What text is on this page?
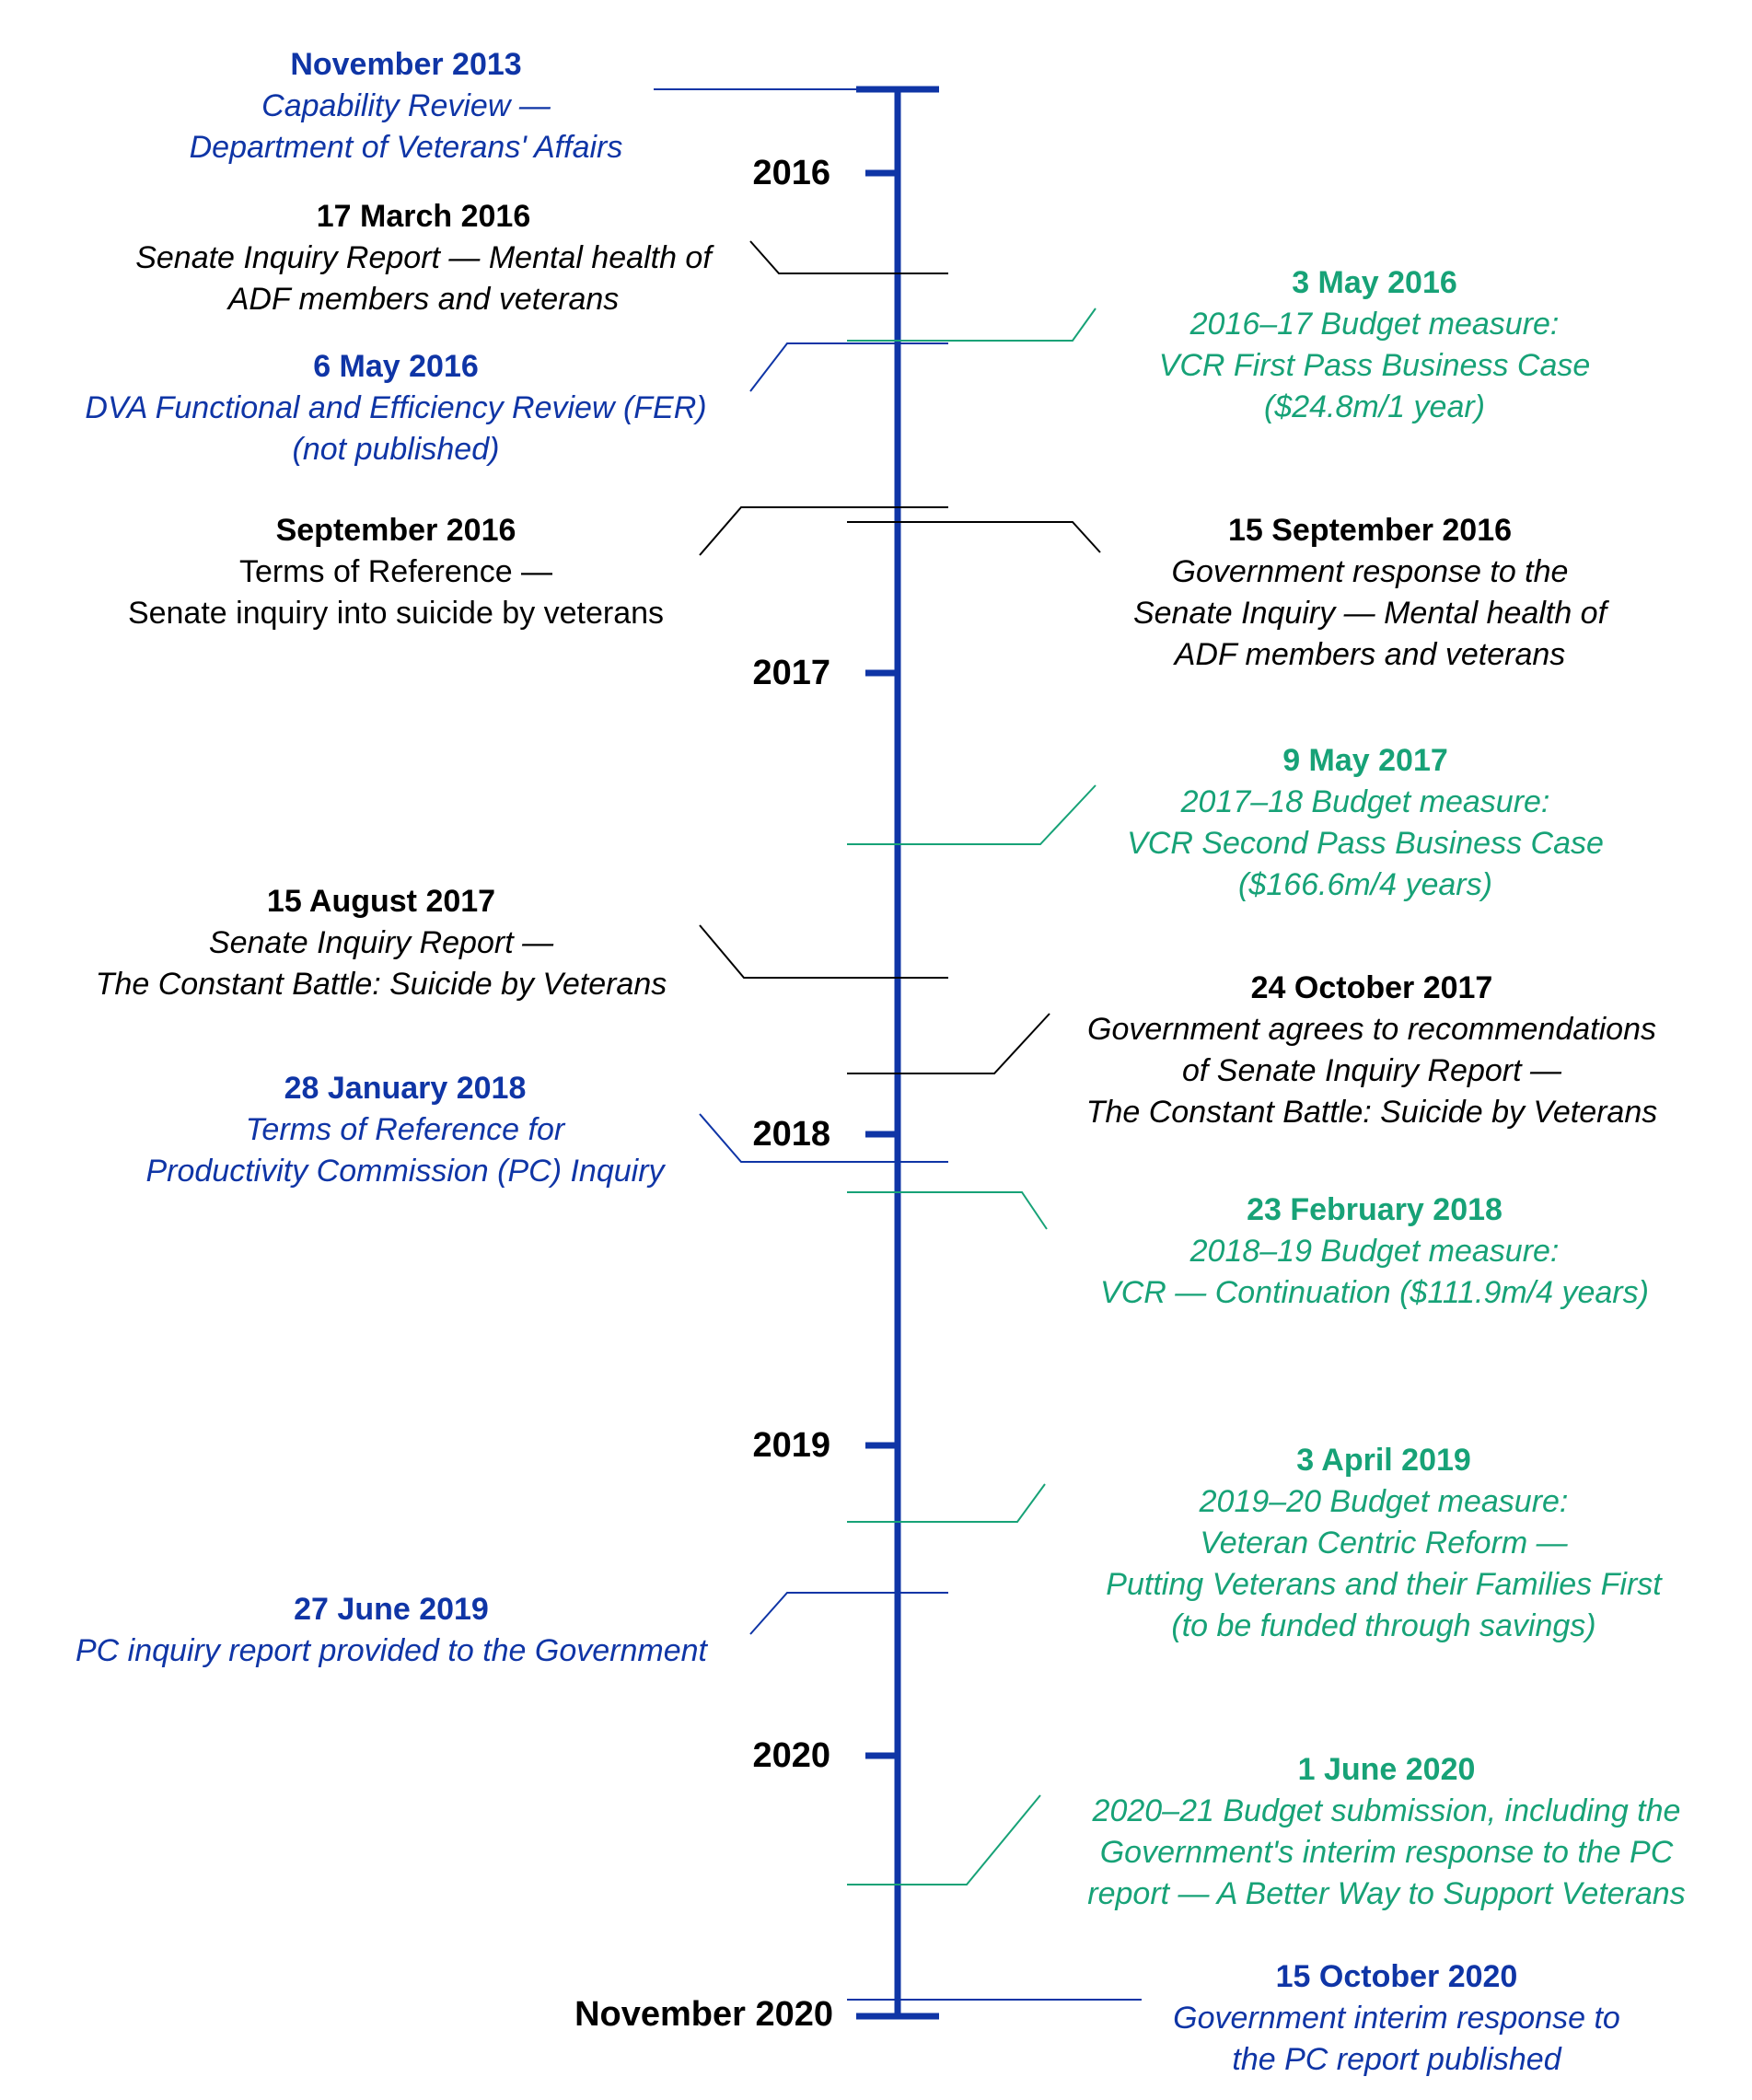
2016
2017
2018
2019
2020
November 2020
November 2013
Capability Review —
Department of Veterans' Affairs
17 March 2016
Senate Inquiry Report — Mental health of
ADF members and veterans	3 May 2016
2016–17 Budget measure:
VCR First Pass Business Case
($24.8m/1 year)
6 May 2016
DVA Functional and Efficiency Review (FER)
(not published)
September 2016
Terms of Reference —
Senate inquiry into suicide by veterans
15 September 2016
Government response to the
Senate Inquiry — Mental health of
ADF members and veterans
9 May 2017
2017–18 Budget measure:
VCR Second Pass Business Case
($166.6m/4 years)
15 August 2017
Senate Inquiry Report —
The Constant Battle: Suicide by Veterans	24 October 2017
Government agrees to recommendations
of Senate Inquiry Report —
The Constant Battle: Suicide by Veterans
28 January 2018
Terms of Reference for
Productivity Commission (PC) Inquiry
23 February 2018
2018–19 Budget measure:
VCR — Continuation ($111.9m/4 years)
3 April 2019
2019–20 Budget measure:
Veteran Centric Reform —
Putting Veterans and their Families First
(to be funded through savings)
27 June 2019
PC inquiry report provided to the Government
1 June 2020
2020–21 Budget submission, including the
Government's interim response to the PC
report — A Better Way to Support Veterans
15 October 2020
Government interim response to
the PC report published
